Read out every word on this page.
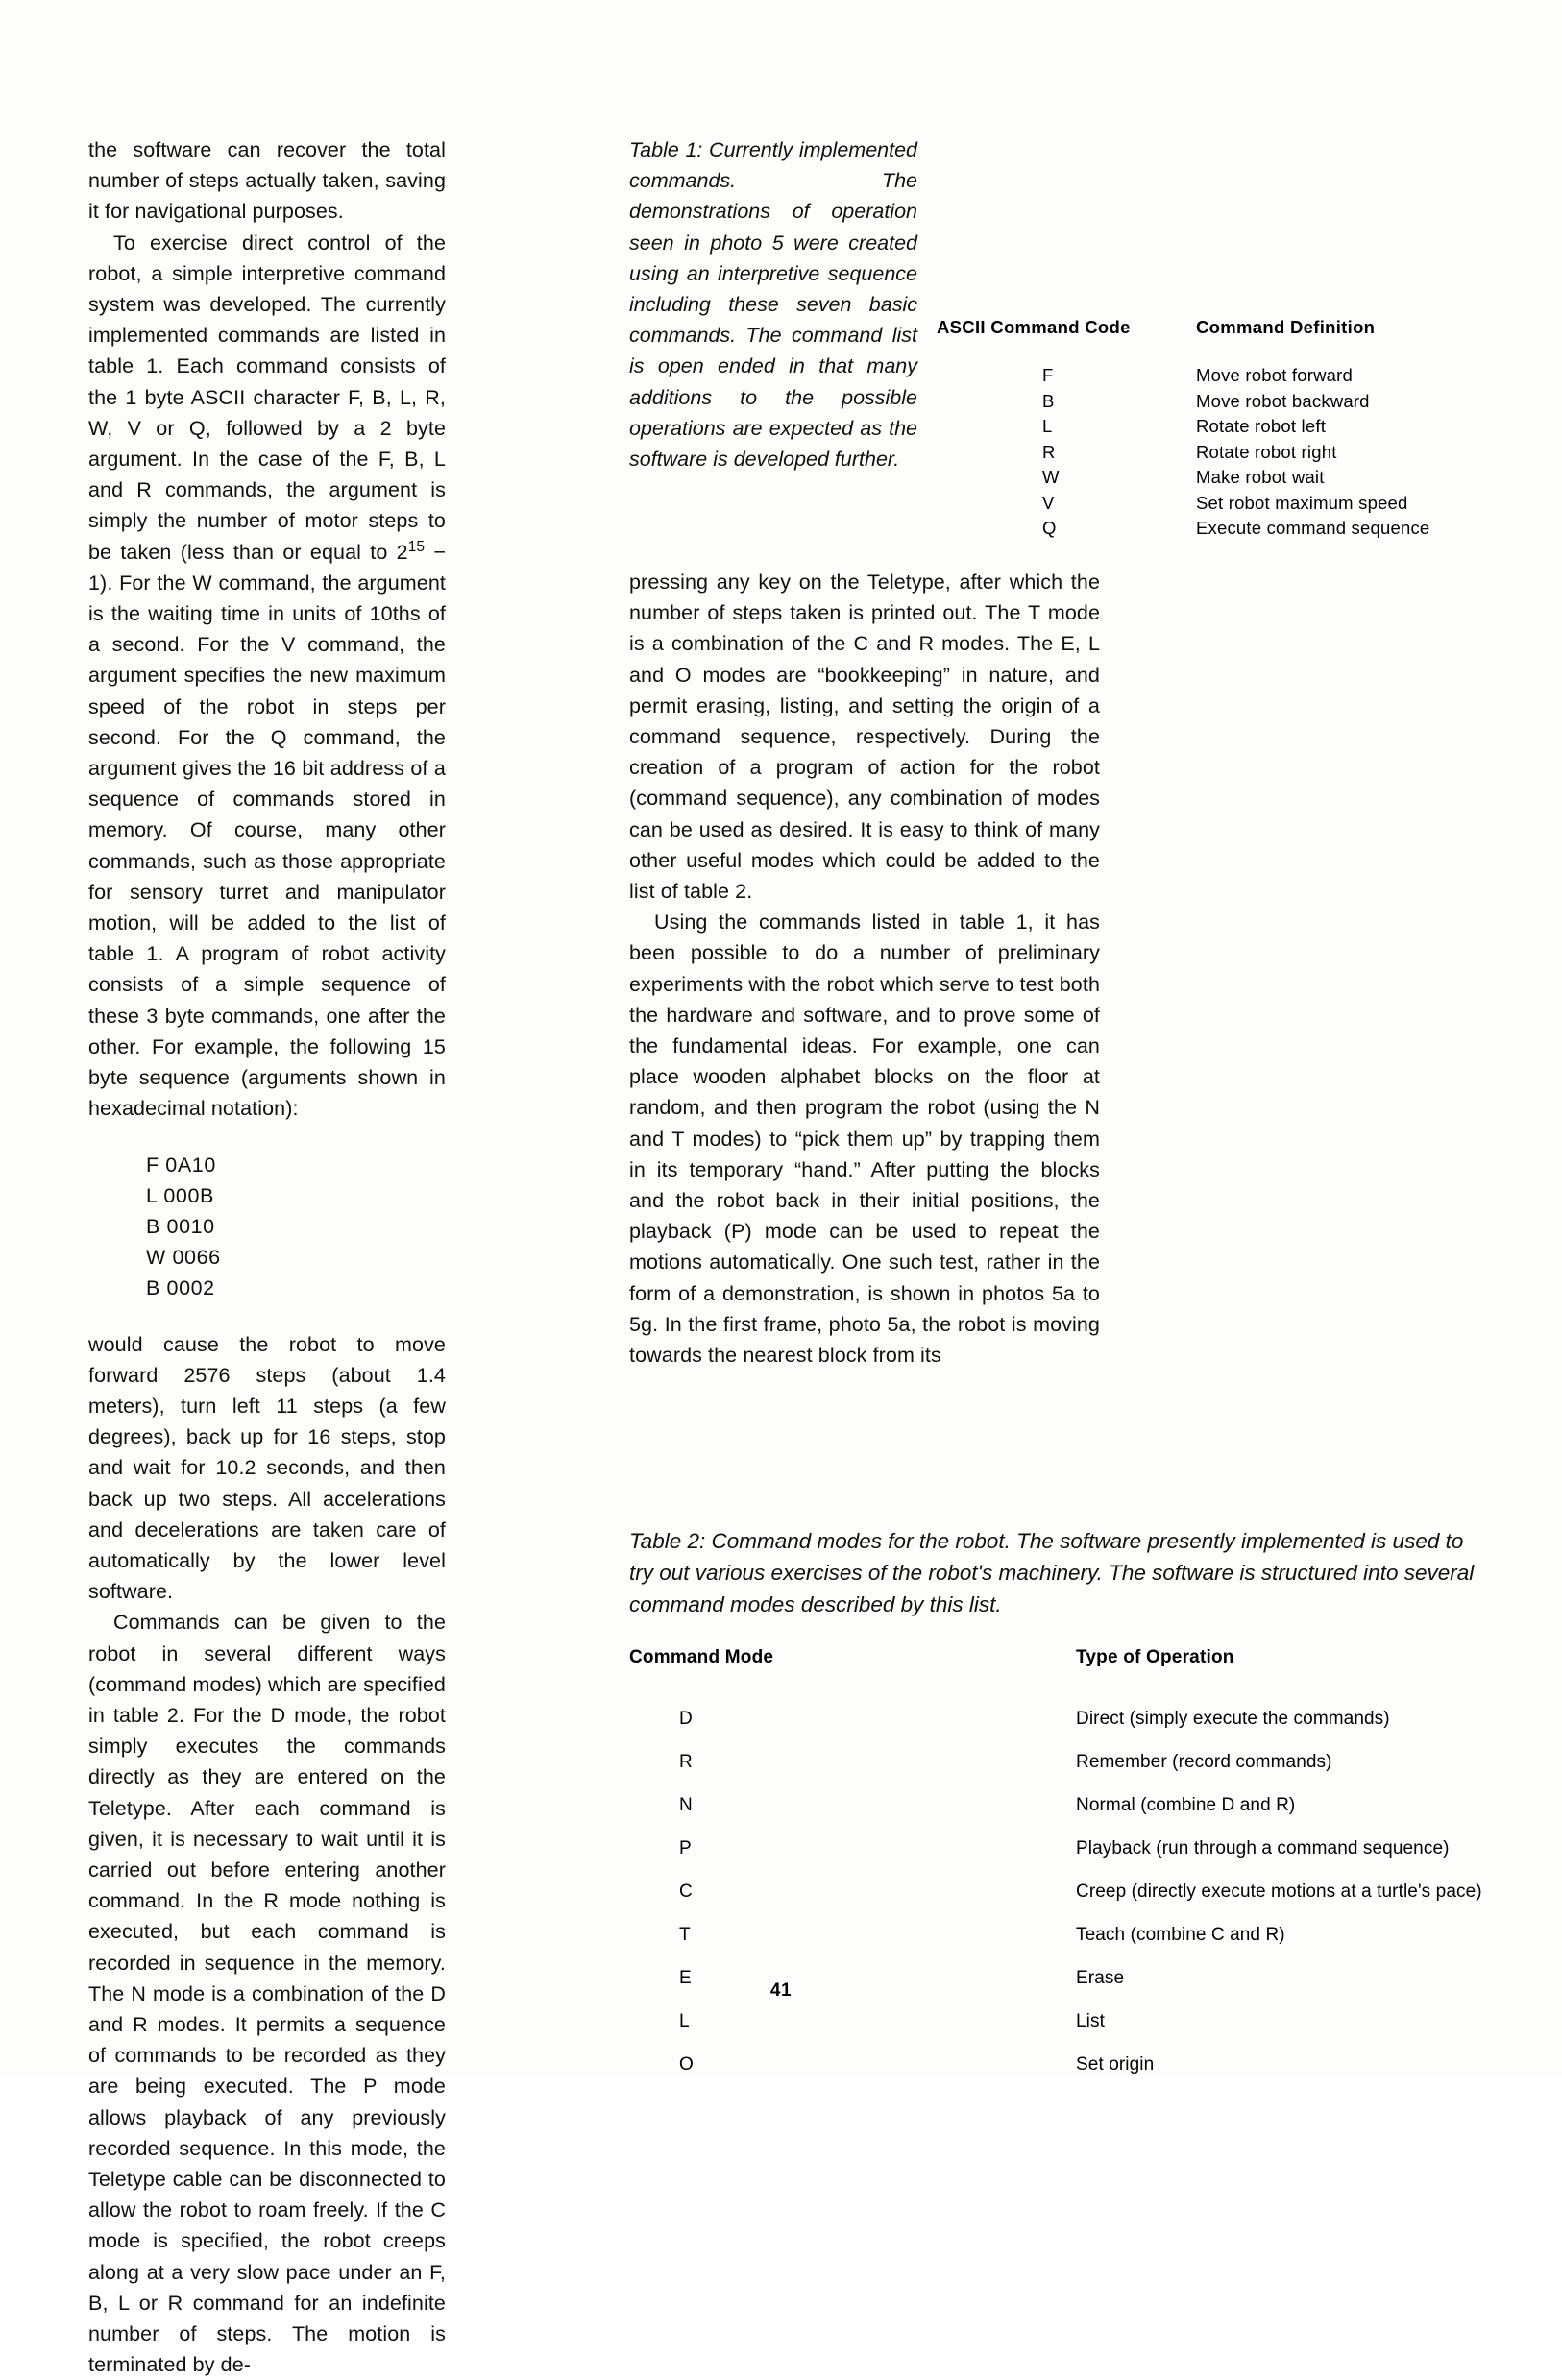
the software can recover the total number of steps actually taken, saving it for navigational purposes.

To exercise direct control of the robot, a simple interpretive command system was developed. The currently implemented commands are listed in table 1. Each command consists of the 1 byte ASCII character F, B, L, R, W, V or Q, followed by a 2 byte argument. In the case of the F, B, L and R commands, the argument is simply the number of motor steps to be taken (less than or equal to $2^{15} - 1$). For the W command, the argument is the waiting time in units of 10ths of a second. For the V command, the argument specifies the new maximum speed of the robot in steps per second. For the Q command, the argument gives the 16 bit address of a sequence of commands stored in memory. Of course, many other commands, such as those appropriate for sensory turret and manipulator motion, will be added to the list of table 1. A program of robot activity consists of a simple sequence of these 3 byte commands, one after the other. For example, the following 15 byte sequence (arguments shown in hexadecimal notation):

F 0A10
L 000B
B 0010
W 0066
B 0002

would cause the robot to move forward 2576 steps (about 1.4 meters), turn left 11 steps (a few degrees), back up for 16 steps, stop and wait for 10.2 seconds, and then back up two steps. All accelerations and decelerations are taken care of automatically by the lower level software.

Commands can be given to the robot in several different ways (command modes) which are specified in table 2. For the D mode, the robot simply executes the commands directly as they are entered on the Teletype. After each command is given, it is necessary to wait until it is carried out before entering another command. In the R mode nothing is executed, but each command is recorded in sequence in the memory. The N mode is a combination of the D and R modes. It permits a sequence of commands to be recorded as they are being executed. The P mode allows playback of any previously recorded sequence. In this mode, the Teletype cable can be disconnected to allow the robot to roam freely. If the C mode is specified, the robot creeps along at a very slow pace under an F, B, L or R command for an indefinite number of steps. The motion is terminated by de-

Table 1: Currently implemented commands. The demonstrations of operation seen in photo 5 were created using an interpretive sequence including these seven basic commands. The command list is open ended in that many additions to the possible operations are expected as the software is developed further.
ASCII Command Code	Command Definition
F	Move robot forward
B	Move robot backward
L	Rotate robot left
R	Rotate robot right
W	Make robot wait
V	Set robot maximum speed
Q	Execute command sequence

pressing any key on the Teletype, after which the number of steps taken is printed out. The T mode is a combination of the C and R modes. The E, L and O modes are “bookkeeping” in nature, and permit erasing, listing, and setting the origin of a command sequence, respectively. During the creation of a program of action for the robot (command sequence), any combination of modes can be used as desired. It is easy to think of many other useful modes which could be added to the list of table 2.

Using the commands listed in table 1, it has been possible to do a number of preliminary experiments with the robot which serve to test both the hardware and software, and to prove some of the fundamental ideas. For example, one can place wooden alphabet blocks on the floor at random, and then program the robot (using the N and T modes) to “pick them up” by trapping them in its temporary “hand.” After putting the blocks and the robot back in their initial positions, the playback (P) mode can be used to repeat the motions automatically. One such test, rather in the form of a demonstration, is shown in photos 5a to 5g. In the first frame, photo 5a, the robot is moving towards the nearest block from its

Table 2: Command modes for the robot. The software presently implemented is used to try out various exercises of the robot's machinery. The software is structured into several command modes described by this list.
Command Mode	Type of Operation
D	Direct (simply execute the commands)
R	Remember (record commands)
N	Normal (combine D and R)
P	Playback (run through a command sequence)
C	Creep (directly execute motions at a turtle's pace)
T	Teach (combine C and R)
E	Erase
L	List
O	Set origin
41
